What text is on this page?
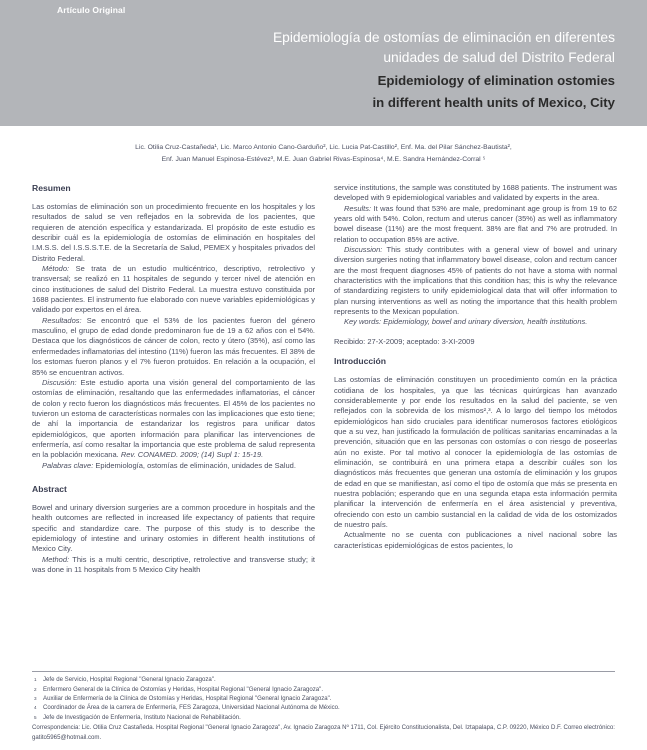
Artículo Original
Epidemiología de ostomías de eliminación en diferentes
unidades de salud del Distrito Federal
Epidemiology of elimination ostomies
in different health units of Mexico, City
Lic. Otilia Cruz-Castañeda¹, Lic. Marco Antonio Cano-Garduño², Lic. Lucia Pat-Castillo², Enf. Ma. del Pilar Sánchez-Bautista²,
Enf. Juan Manuel Espinosa-Estévez³, M.E. Juan Gabriel Rivas-Espinosa⁴, M.E. Sandra Hernández-Corral ⁵
Resumen

Las ostomías de eliminación son un procedimiento frecuente en los hospitales y los resultados de salud se ven reflejados en la sobrevida de los pacientes, que requieren de atención específica y estandarizada. El propósito de este estudio es describir cuál es la epidemiología de ostomías de eliminación en hospitales del I.M.S.S. del I.S.S.S.T.E. de la Secretaría de Salud, PEMEX y hospitales privados del Distrito Federal.

Método: Se trata de un estudio multicéntrico, descriptivo, retrolectivo y transversal; se realizó en 11 hospitales de segundo y tercer nivel de atención en cinco instituciones de salud del Distrito Federal. La muestra estuvo constituida por 1688 pacientes. El instrumento fue elaborado con nueve variables epidemiológicas y validado por expertos en el área.

Resultados: Se encontró que el 53% de los pacientes fueron del género masculino, el grupo de edad donde predominaron fue de 19 a 62 años con el 54%. Destaca que los diagnósticos de cáncer de colon, recto y útero (35%), así como las enfermedades inflamatorias del intestino (11%) fueron las más frecuentes. El 38% de los estomas fueron planos y el 7% fueron protuidos. En relación a la ocupación, el 85% se encuentran activos.

Discusión: Este estudio aporta una visión general del comportamiento de las ostomías de eliminación, resaltando que las enfermedades inflamatorias, el cáncer de colon y recto fueron los diagnósticos más frecuentes. El 45% de los pacientes no tuvieron un estoma de características normales con las implicaciones que esto tiene; de ahí la importancia de estandarizar los registros para unificar datos epidemiológicos, que aporten información para planificar las intervenciones de enfermería, así como resaltar la importancia que este problema de salud representa en la población mexicana. Rev. CONAMED. 2009; (14) Supl 1: 15-19.

Palabras clave: Epidemiología, ostomías de eliminación, unidades de Salud.

Abstract

Bowel and urinary diversion surgeries are a common procedure in hospitals and the health outcomes are reflected in increased life expectancy of patients that require specific and standardize care. The purpose of this study is to describe the epidemiology of intestine and urinary ostomies in different health institutions of Mexico City.

Method: This is a multi centric, descriptive, retrolective and transverse study; it was done in 11 hospitals from 5 Mexico City health

service institutions, the sample was constituted by 1688 patients. The instrument was developed with 9 epidemiological variables and validated by experts in the area.

Results: It was found that 53% are male, predominant age group is from 19 to 62 years old with 54%. Colon, rectum and uterus cancer (35%) as well as inflammatory bowel disease (11%) are the most frequent. 38% are flat and 7% are protruded. In relation to occupation 85% are active.

Discussion: This study contributes with a general view of bowel and urinary diversion surgeries noting that inflammatory bowel disease, colon and rectum cancer are the most frequent diagnoses 45% of patients do not have a stoma with normal characteristics with the implications that this condition has; this is why the relevance of standardizing registers to unify epidemiological data that will offer information to plan nursing interventions as well as noting the importance that this health problem represents to the Mexican population.

Key words: Epidemiology, bowel and urinary diversion, health institutions.

Recibido: 27-X-2009; aceptado: 3-XI-2009

Introducción

Las ostomías de eliminación constituyen un procedimiento común en la práctica cotidiana de los hospitales, ya que las técnicas quirúrgicas han avanzado considerablemente y por ende los resultados en la salud del paciente, se ven reflejados con la sobrevida de los mismos²,³. A lo largo del tiempo los métodos epidemiológicos han sido cruciales para identificar numerosos factores etiológicos que a su vez, han justificado la formulación de políticas sanitarias encaminadas a la prevención, situación que en las personas con ostomías o con riesgo de poseerlas aún no existe. Por tal motivo al conocer la epidemiología de las ostomías de eliminación, se contribuirá en una primera etapa a describir cuáles son los diagnósticos más frecuentes que generan una ostomía de eliminación y los grupos de edad en que se manifiestan, así como el tipo de ostomía que más se presenta en nuestra población; esperando que en una segunda etapa esta información permita planificar la intervención de enfermería en el área asistencial y preventiva, ofreciendo con esto un cambio sustancial en la calidad de vida de los ostomizados de nuestro país.

Actualmente no se cuenta con publicaciones a nivel nacional sobre las características epidemiológicas de estos pacientes, lo

1	Jefe de Servicio, Hospital Regional "General Ignacio Zaragoza".
2	Enfermero General de la Clínica de Ostomías y Heridas, Hospital Regional "General Ignacio Zaragoza".
3	Auxiliar de Enfermería de la Clínica de Ostomías y Heridas, Hospital Regional "General Ignacio Zaragoza".
4	Coordinador de Área de la carrera de Enfermería, FES Zaragoza, Universidad Nacional Autónoma de México.
5	Jefe de Investigación de Enfermería, Instituto Nacional de Rehabilitación.
Correspondencia: Lic. Otilia Cruz Castañeda. Hospital Regional "General Ignacio Zaragoza", Av. Ignacio Zaragoza Nº 1711, Col. Ejército Constitucionalista, Del. Iztapalapa, C.P. 09220, México D.F. Correo electrónico: gatito5965@hotmail.com.
